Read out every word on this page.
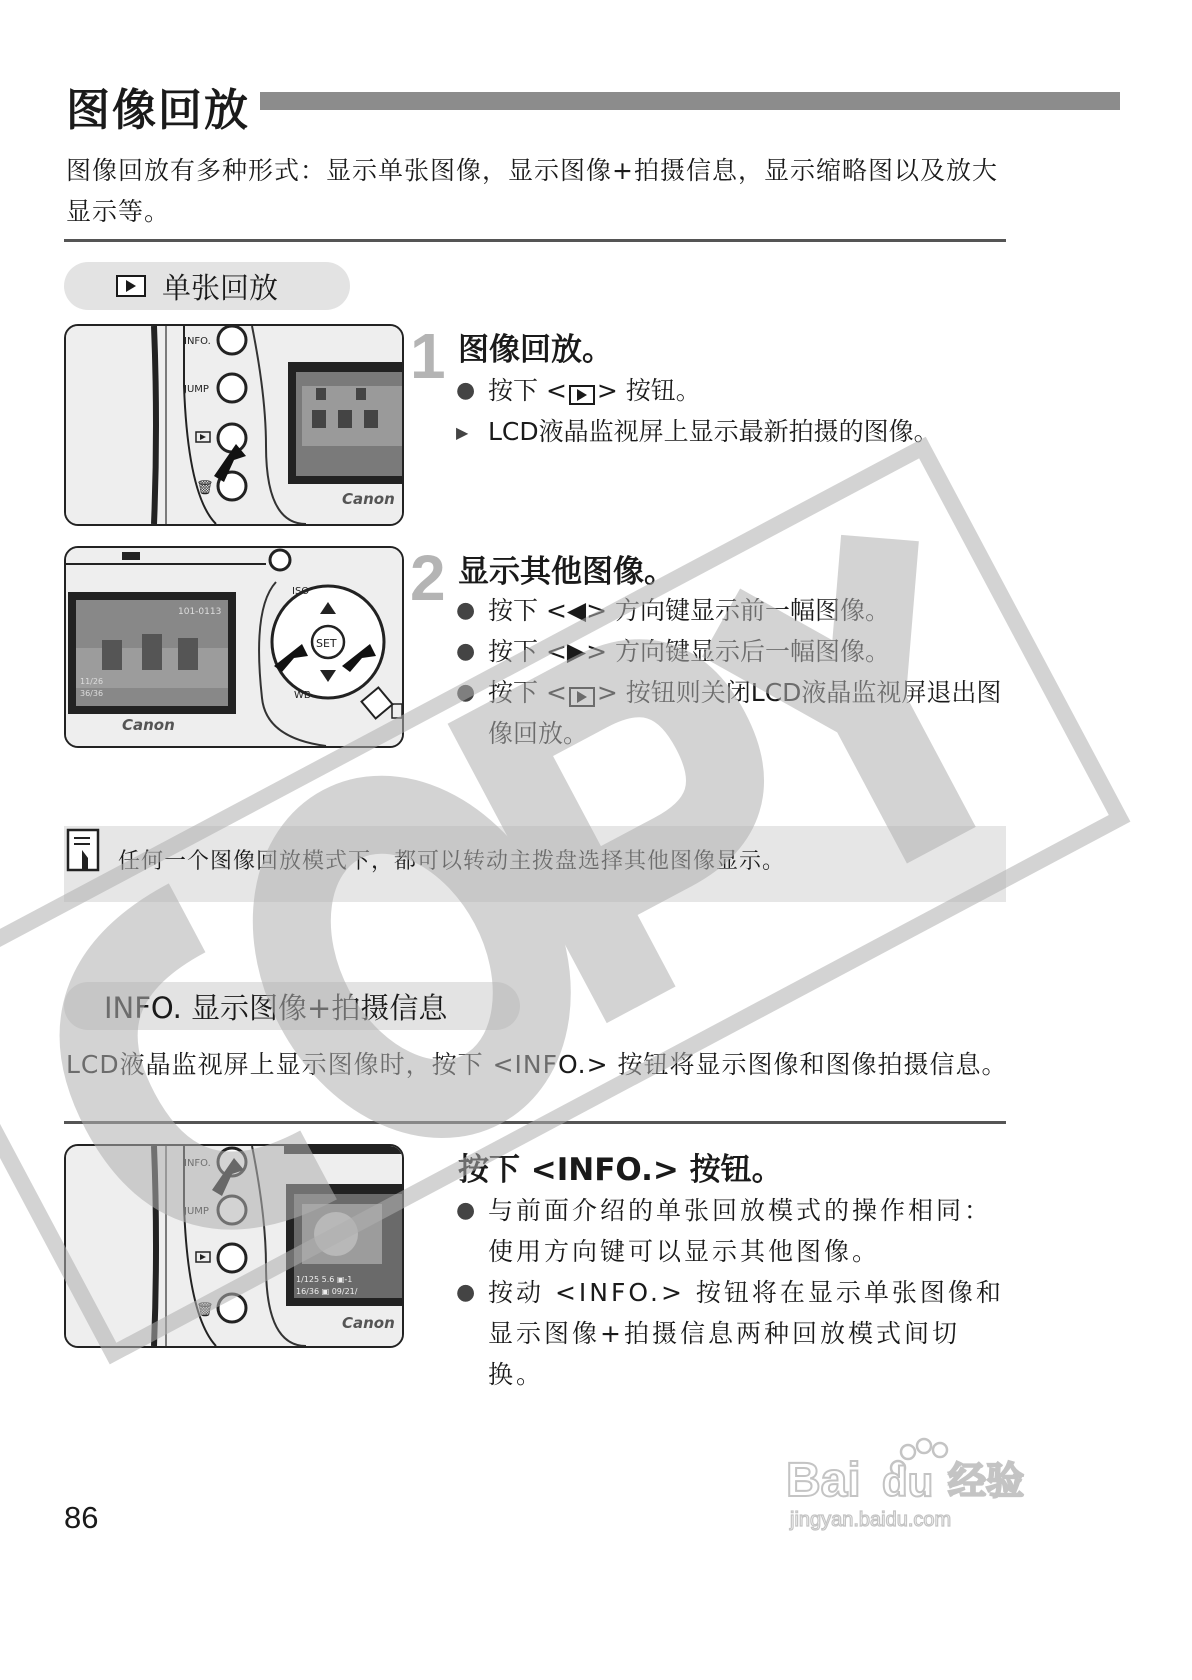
图像回放
图像回放有多种形式：显示单张图像，显示图像+拍摄信息，显示缩略图以及放大显示等。
单张回放
INFO.
JUMP
🗑
Canon
1 图像回放。
● 按下 < > 按钮。
▶ LCD液晶监视屏上显示最新拍摄的图像。
101-0113
11/26
36/36
Canon
SET
ISO
WB
2 显示其他图像。
● 按下 <◀> 方向键显示前一幅图像。
● 按下 <▶> 方向键显示后一幅图像。
● 按下 < > 按钮则关闭LCD液晶监视屏退出图像回放。
任何一个图像回放模式下，都可以转动主拨盘选择其他图像显示。
INFO. 显示图像+拍摄信息
LCD液晶监视屏上显示图像时，按下 <INFO.> 按钮将显示图像和图像拍摄信息。
INFO.
JUMP
🗑
1/125 5.6 ▣-1
16/36 ▣ 09/21/
Canon
按下 <INFO.> 按钮。
● 与前面介绍的单张回放模式的操作相同：使用方向键可以显示其他图像。
● 按动 <INFO.> 按钮将在显示单张图像和显示图像+拍摄信息两种回放模式间切换。
Bai du 经验
jingyan.baidu.com
86
